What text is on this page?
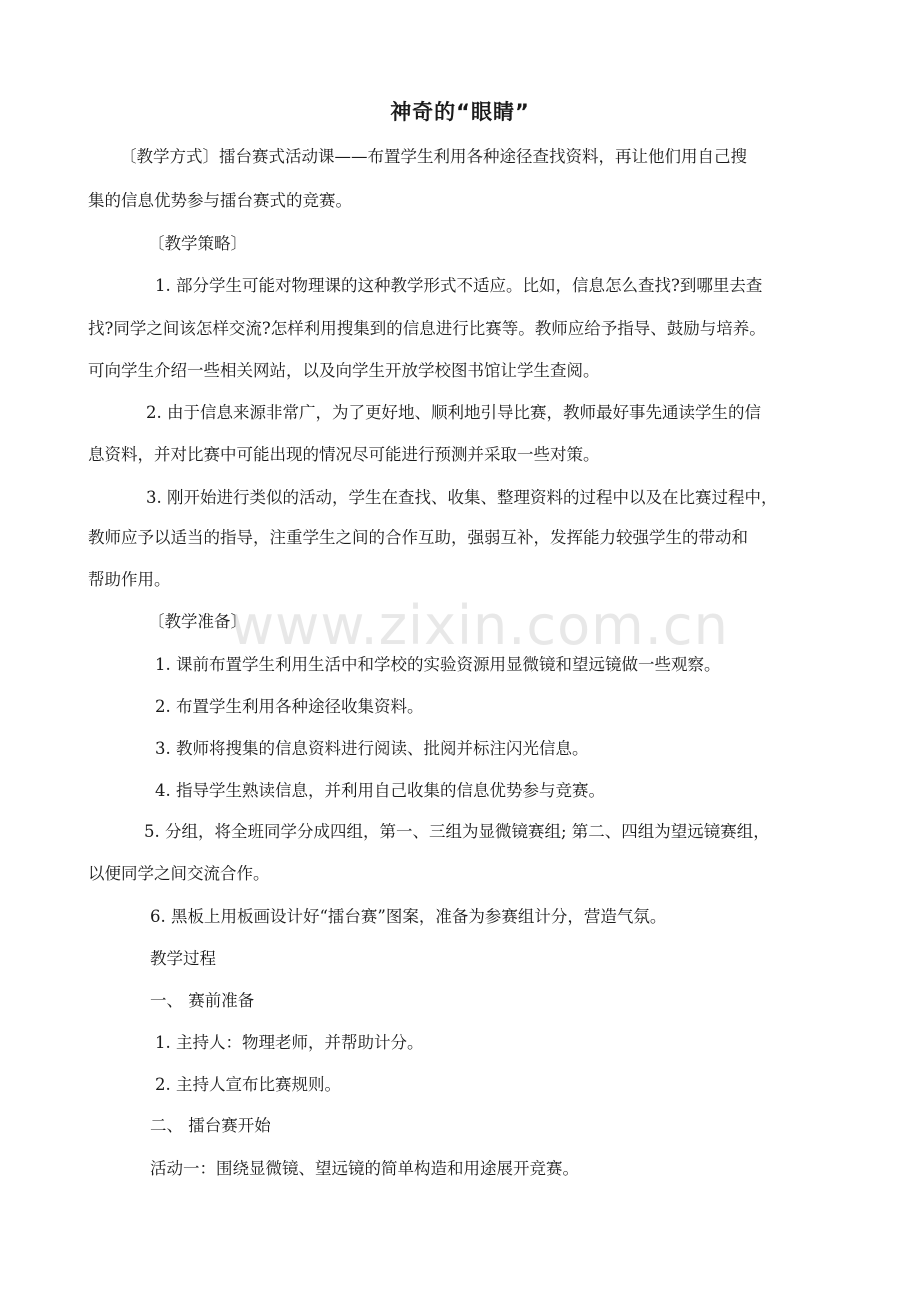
神奇的“眼睛”
〔教学方式〕擂台赛式活动课——布置学生利用各种途径查找资料，再让他们用自己搜
集的信息优势参与擂台赛式的竞赛。
〔教学策略〕
1. 部分学生可能对物理课的这种教学形式不适应。比如，信息怎么查找?到哪里去查
找?同学之间该怎样交流?怎样利用搜集到的信息进行比赛等。教师应给予指导、鼓励与培养。
可向学生介绍一些相关网站，以及向学生开放学校图书馆让学生查阅。
2. 由于信息来源非常广，为了更好地、顺利地引导比赛，教师最好事先通读学生的信
息资料，并对比赛中可能出现的情况尽可能进行预测并采取一些对策。
3. 刚开始进行类似的活动，学生在查找、收集、整理资料的过程中以及在比赛过程中，
教师应予以适当的指导，注重学生之间的合作互助，强弱互补，发挥能力较强学生的带动和
帮助作用。
www.zixin.com.cn
〔教学准备〕
1. 课前布置学生利用生活中和学校的实验资源用显微镜和望远镜做一些观察。
2. 布置学生利用各种途径收集资料。
3. 教师将搜集的信息资料进行阅读、批阅并标注闪光信息。
4. 指导学生熟读信息，并利用自己收集的信息优势参与竞赛。
5. 分组，将全班同学分成四组，第一、三组为显微镜赛组; 第二、四组为望远镜赛组，
以便同学之间交流合作。
6. 黑板上用板画设计好“擂台赛”图案，准备为参赛组计分，营造气氛。
教学过程
一、 赛前准备
1. 主持人：物理老师，并帮助计分。
2. 主持人宣布比赛规则。
二、 擂台赛开始
活动一：围绕显微镜、望远镜的简单构造和用途展开竞赛。
